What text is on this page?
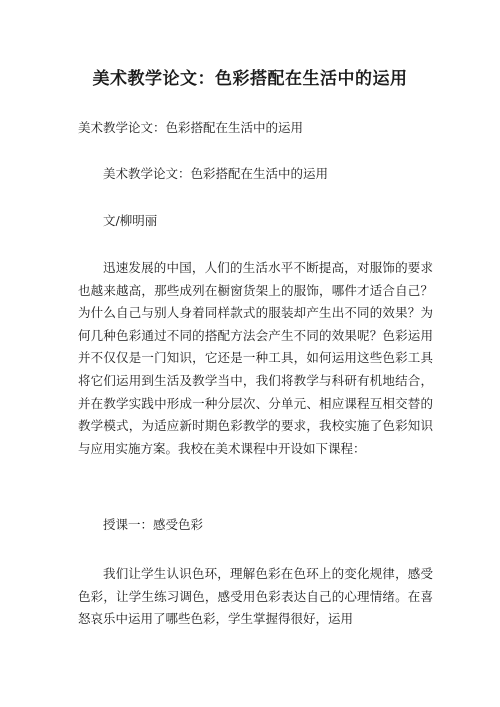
美术教学论文：色彩搭配在生活中的运用

美术教学论文：色彩搭配在生活中的运用

美术教学论文：色彩搭配在生活中的运用

文/柳明丽

迅速发展的中国，人们的生活水平不断提高，对服饰的要求也越来越高，那些成列在橱窗货架上的服饰，哪件才适合自己？为什么自己与别人身着同样款式的服装却产生出不同的效果？为何几种色彩通过不同的搭配方法会产生不同的效果呢？色彩运用并不仅仅是一门知识，它还是一种工具，如何运用这些色彩工具将它们运用到生活及教学当中，我们将教学与科研有机地结合，并在教学实践中形成一种分层次、分单元、相应课程互相交替的教学模式，为适应新时期色彩教学的要求，我校实施了色彩知识与应用实施方案。我校在美术课程中开设如下课程：

授课一：感受色彩

我们让学生认识色环，理解色彩在色环上的变化规律，感受色彩，让学生练习调色，感受用色彩表达自己的心理情绪。在喜怒哀乐中运用了哪些色彩，学生掌握得很好，运用
